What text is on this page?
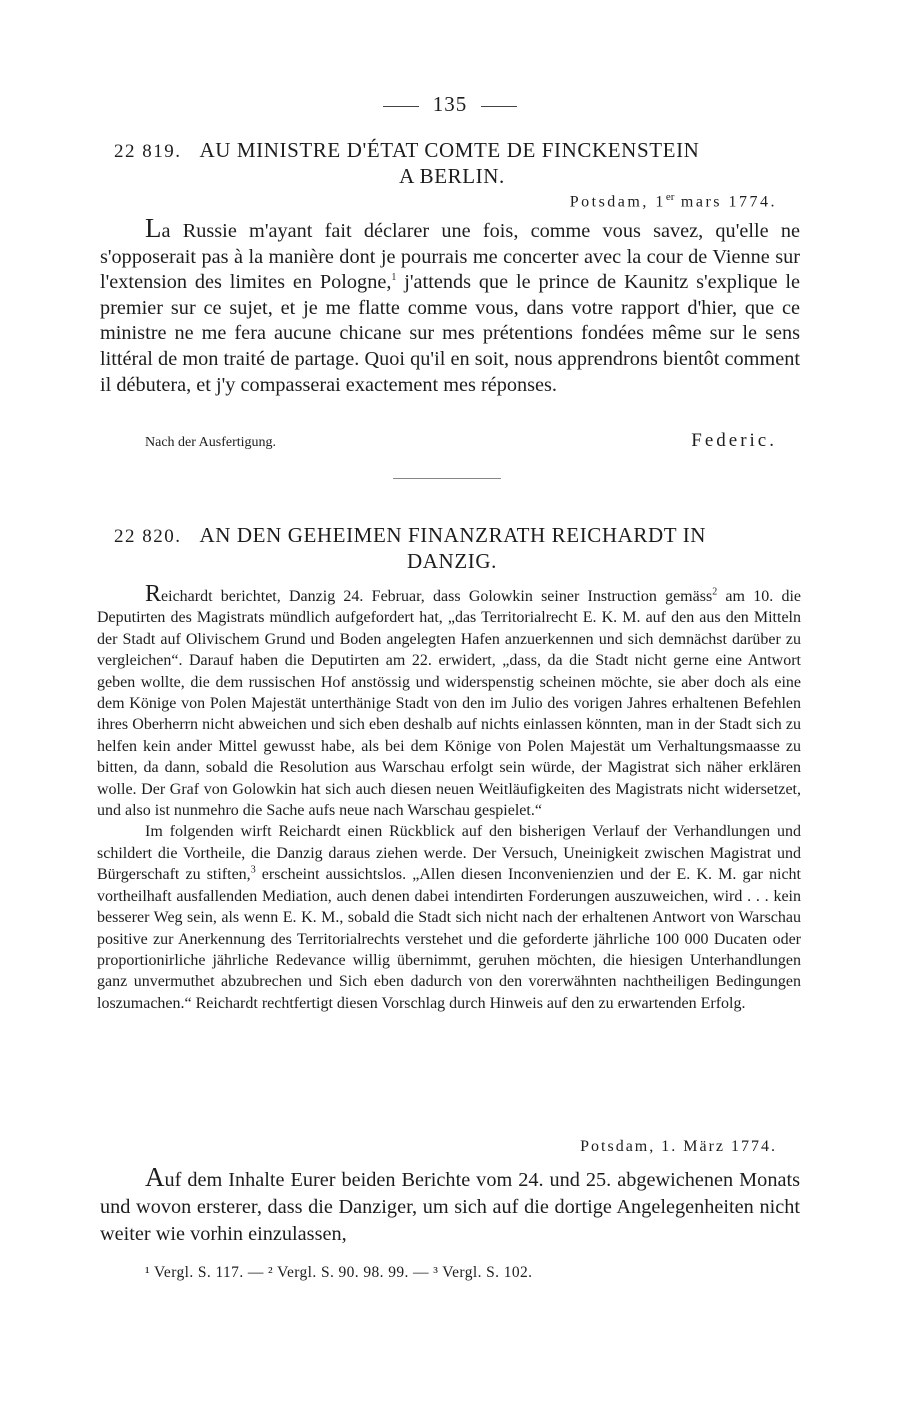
135
22 819. AU MINISTRE D'ÉTAT COMTE DE FINCKENSTEIN
A BERLIN.
Potsdam, 1er mars 1774.

La Russie m'ayant fait déclarer une fois, comme vous savez, qu'elle ne s'opposerait pas à la manière dont je pourrais me concerter avec la cour de Vienne sur l'extension des limites en Pologne,$^1$ j'attends que le prince de Kaunitz s'explique le premier sur ce sujet, et je me flatte comme vous, dans votre rapport d'hier, que ce ministre ne me fera aucune chicane sur mes prétentions fondées même sur le sens littéral de mon traité de partage. Quoi qu'il en soit, nous apprendrons bientôt comment il débutera, et j'y compasserai exactement mes réponses.

Nach der Ausfertigung.	Federic.
22 820. AN DEN GEHEIMEN FINANZRATH REICHARDT IN
DANZIG.

Reichardt berichtet, Danzig 24. Februar, dass Golowkin seiner Instruction gemäss$^2$ am 10. die Deputirten des Magistrats mündlich aufgefordert hat, „das Territorialrecht E. K. M. auf den aus den Mitteln der Stadt auf Olivischem Grund und Boden angelegten Hafen anzuerkennen und sich demnächst darüber zu vergleichen“. Darauf haben die Deputirten am 22. erwidert, „dass, da die Stadt nicht gerne eine Antwort geben wollte, die dem russischen Hof anstössig und widerspenstig scheinen möchte, sie aber doch als eine dem Könige von Polen Majestät unterthänige Stadt von den im Julio des vorigen Jahres erhaltenen Befehlen ihres Oberherrn nicht abweichen und sich eben deshalb auf nichts einlassen könnten, man in der Stadt sich zu helfen kein ander Mittel gewusst habe, als bei dem Könige von Polen Majestät um Verhaltungsmaasse zu bitten, da dann, sobald die Resolution aus Warschau erfolgt sein würde, der Magistrat sich näher erklären wolle. Der Graf von Golowkin hat sich auch diesen neuen Weitläufigkeiten des Magistrats nicht widersetzet, und also ist nunmehro die Sache aufs neue nach Warschau gespielet.“

Im folgenden wirft Reichardt einen Rückblick auf den bisherigen Verlauf der Verhandlungen und schildert die Vortheile, die Danzig daraus ziehen werde. Der Versuch, Uneinigkeit zwischen Magistrat und Bürgerschaft zu stiften,$^3$ erscheint aussichtslos. „Allen diesen Inconvenienzien und der E. K. M. gar nicht vortheilhaft ausfallenden Mediation, auch denen dabei intendirten Forderungen auszuweichen, wird . . . kein besserer Weg sein, als wenn E. K. M., sobald die Stadt sich nicht nach der erhaltenen Antwort von Warschau positive zur Anerkennung des Territorialrechts verstehet und die geforderte jährliche 100 000 Ducaten oder proportionirliche jährliche Redevance willig übernimmt, geruhen möchten, die hiesigen Unterhandlungen ganz unvermuthet abzubrechen und Sich eben dadurch von den vorerwähnten nachtheiligen Bedingungen loszumachen.“ Reichardt rechtfertigt diesen Vorschlag durch Hinweis auf den zu erwartenden Erfolg.

Potsdam, 1. März 1774.

Auf dem Inhalte Eurer beiden Berichte vom 24. und 25. abgewichenen Monats und wovon ersterer, dass die Danziger, um sich auf die dortige Angelegenheiten nicht weiter wie vorhin einzulassen,

¹ Vergl. S. 117. — ² Vergl. S. 90. 98. 99. — ³ Vergl. S. 102.
